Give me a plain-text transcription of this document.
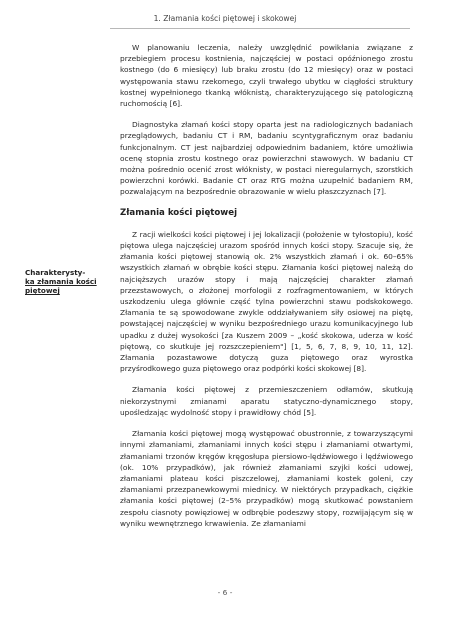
1. Złamania kości piętowej i skokowej
Charakterysty-
ka złamania kości piętowej

W planowaniu leczenia, należy uwzględnić powikłania związane z przebiegiem procesu kostnienia, najczęściej w postaci opóźnionego zrostu kostnego (do 6 miesięcy) lub braku zrostu (do 12 miesięcy) oraz w postaci występowania stawu rzekomego, czyli trwałego ubytku w ciągłości struktury kostnej wypełnionego tkanką włóknistą, charakteryzującego się patologiczną ruchomością [6].

Diagnostyka złamań kości stopy oparta jest na radiologicznych badaniach przeglądowych, badaniu CT i RM, badaniu scyntygraficznym oraz badaniu funkcjonalnym. CT jest najbardziej odpowiednim badaniem, które umożliwia ocenę stopnia zrostu kostnego oraz powierzchni stawowych. W badaniu CT można pośrednio ocenić zrost włóknisty, w postaci nieregularnych, szorstkich powierzchni korówki. Badanie CT oraz RTG można uzupełnić badaniem RM, pozwalającym na bezpośrednie obrazowanie w wielu płaszczyznach [7].

Złamania kości piętowej

Z racji wielkości kości piętowej i jej lokalizacji (położenie w tyłostopiu), kość piętowa ulega najczęściej urazom spośród innych kości stopy. Szacuje się, że złamania kości piętowej stanowią ok. 2% wszystkich złamań i ok. 60–65% wszystkich złamań w obrębie kości stępu. Złamania kości piętowej należą do najcięższych urazów stopy i mają najczęściej charakter złamań przezstawowych, o złożonej morfologii z rozfragmentowaniem, w których uszkodzeniu ulega głównie część tylna powierzchni stawu podskokowego. Złamania te są spowodowane zwykle oddziaływaniem siły osiowej na piętę, powstającej najczęściej w wyniku bezpośredniego urazu komunikacyjnego lub upadku z dużej wysokości [za Kuszem 2009 – „kość skokowa, uderza w kość piętową, co skutkuje jej rozszczepieniem"] [1, 5, 6, 7, 8, 9, 10, 11, 12]. Złamania pozastawowe dotyczą guza piętowego oraz wyrostka przyśrodkowego guza piętowego oraz podpórki kości skokowej [8].

Złamania kości piętowej z przemieszczeniem odłamów, skutkują niekorzystnymi zmianami aparatu statyczno-dynamicznego stopy, upośledzając wydolność stopy i prawidłowy chód [5].

Złamania kości piętowej mogą występować obustronnie, z towarzyszącymi innymi złamaniami, złamaniami innych kości stępu i złamaniami otwartymi, złamaniami trzonów kręgów kręgosłupa piersiowo-lędźwiowego i lędźwiowego (ok. 10% przypadków), jak również złamaniami szyjki kości udowej, złamaniami plateau kości piszczelowej, złamaniami kostek goleni, czy złamaniami przezpanewkowymi miednicy. W niektórych przypadkach, ciężkie złamania kości piętowej (2–5% przypadków) mogą skutkować powstaniem zespołu ciasnoty powięziowej w odbrębie podeszwy stopy, rozwijającym się w wyniku wewnętrznego krwawienia. Ze złamaniami

- 6 -
